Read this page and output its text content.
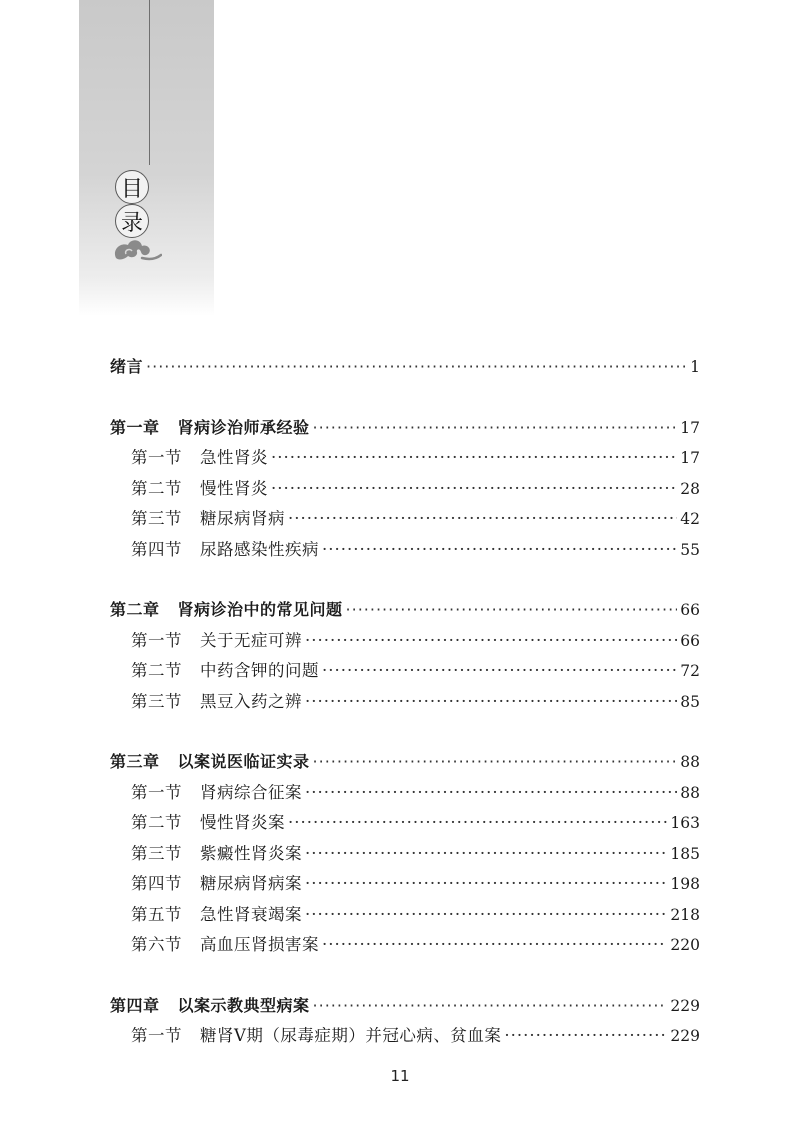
目
录
绪言 ·····	1
第一章 肾病诊治师承经验 ·····	17
第一节 急性肾炎 ·····	17
第二节 慢性肾炎 ·····	28
第三节 糖尿病肾病 ·····	42
第四节 尿路感染性疾病 ·····	55
第二章 肾病诊治中的常见问题 ·····	66
第一节 关于无症可辨 ·····	66
第二节 中药含钾的问题 ·····	72
第三节 黑豆入药之辨 ·····	85
第三章 以案说医临证实录 ·····	88
第一节 肾病综合征案 ·····	88
第二节 慢性肾炎案 ·····	163
第三节 紫癜性肾炎案 ·····	185
第四节 糖尿病肾病案 ·····	198
第五节 急性肾衰竭案 ·····	218
第六节 高血压肾损害案 ·····	220
第四章 以案示教典型病案 ·····	229
第一节 糖肾Ⅴ期（尿毒症期）并冠心病、贫血案 ·····	229
11
